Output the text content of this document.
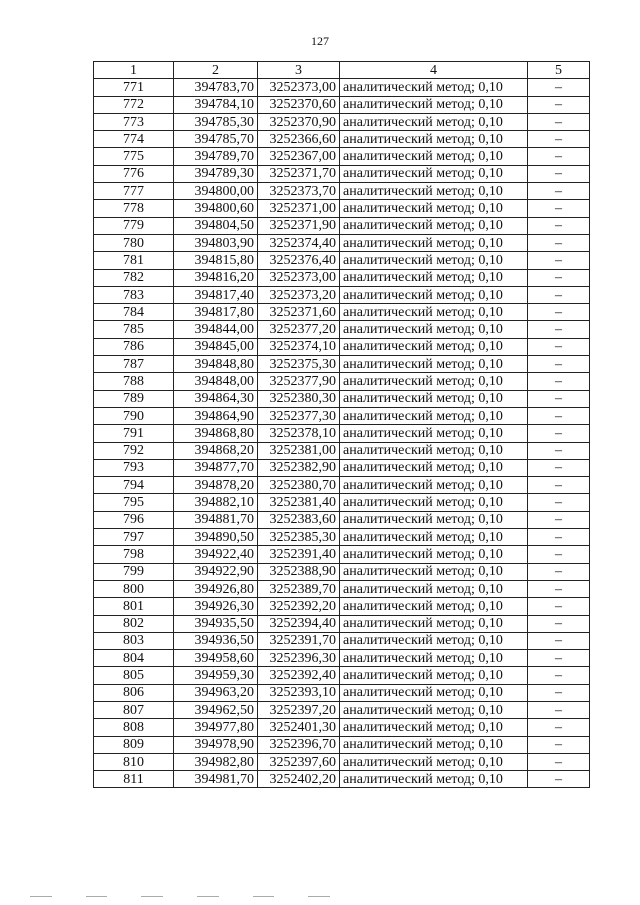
127
1	2	3	4	5
771	394783,70	3252373,00	аналитический метод; 0,10	–
772	394784,10	3252370,60	аналитический метод; 0,10	–
773	394785,30	3252370,90	аналитический метод; 0,10	–
774	394785,70	3252366,60	аналитический метод; 0,10	–
775	394789,70	3252367,00	аналитический метод; 0,10	–
776	394789,30	3252371,70	аналитический метод; 0,10	–
777	394800,00	3252373,70	аналитический метод; 0,10	–
778	394800,60	3252371,00	аналитический метод; 0,10	–
779	394804,50	3252371,90	аналитический метод; 0,10	–
780	394803,90	3252374,40	аналитический метод; 0,10	–
781	394815,80	3252376,40	аналитический метод; 0,10	–
782	394816,20	3252373,00	аналитический метод; 0,10	–
783	394817,40	3252373,20	аналитический метод; 0,10	–
784	394817,80	3252371,60	аналитический метод; 0,10	–
785	394844,00	3252377,20	аналитический метод; 0,10	–
786	394845,00	3252374,10	аналитический метод; 0,10	–
787	394848,80	3252375,30	аналитический метод; 0,10	–
788	394848,00	3252377,90	аналитический метод; 0,10	–
789	394864,30	3252380,30	аналитический метод; 0,10	–
790	394864,90	3252377,30	аналитический метод; 0,10	–
791	394868,80	3252378,10	аналитический метод; 0,10	–
792	394868,20	3252381,00	аналитический метод; 0,10	–
793	394877,70	3252382,90	аналитический метод; 0,10	–
794	394878,20	3252380,70	аналитический метод; 0,10	–
795	394882,10	3252381,40	аналитический метод; 0,10	–
796	394881,70	3252383,60	аналитический метод; 0,10	–
797	394890,50	3252385,30	аналитический метод; 0,10	–
798	394922,40	3252391,40	аналитический метод; 0,10	–
799	394922,90	3252388,90	аналитический метод; 0,10	–
800	394926,80	3252389,70	аналитический метод; 0,10	–
801	394926,30	3252392,20	аналитический метод; 0,10	–
802	394935,50	3252394,40	аналитический метод; 0,10	–
803	394936,50	3252391,70	аналитический метод; 0,10	–
804	394958,60	3252396,30	аналитический метод; 0,10	–
805	394959,30	3252392,40	аналитический метод; 0,10	–
806	394963,20	3252393,10	аналитический метод; 0,10	–
807	394962,50	3252397,20	аналитический метод; 0,10	–
808	394977,80	3252401,30	аналитический метод; 0,10	–
809	394978,90	3252396,70	аналитический метод; 0,10	–
810	394982,80	3252397,60	аналитический метод; 0,10	–
811	394981,70	3252402,20	аналитический метод; 0,10	–
